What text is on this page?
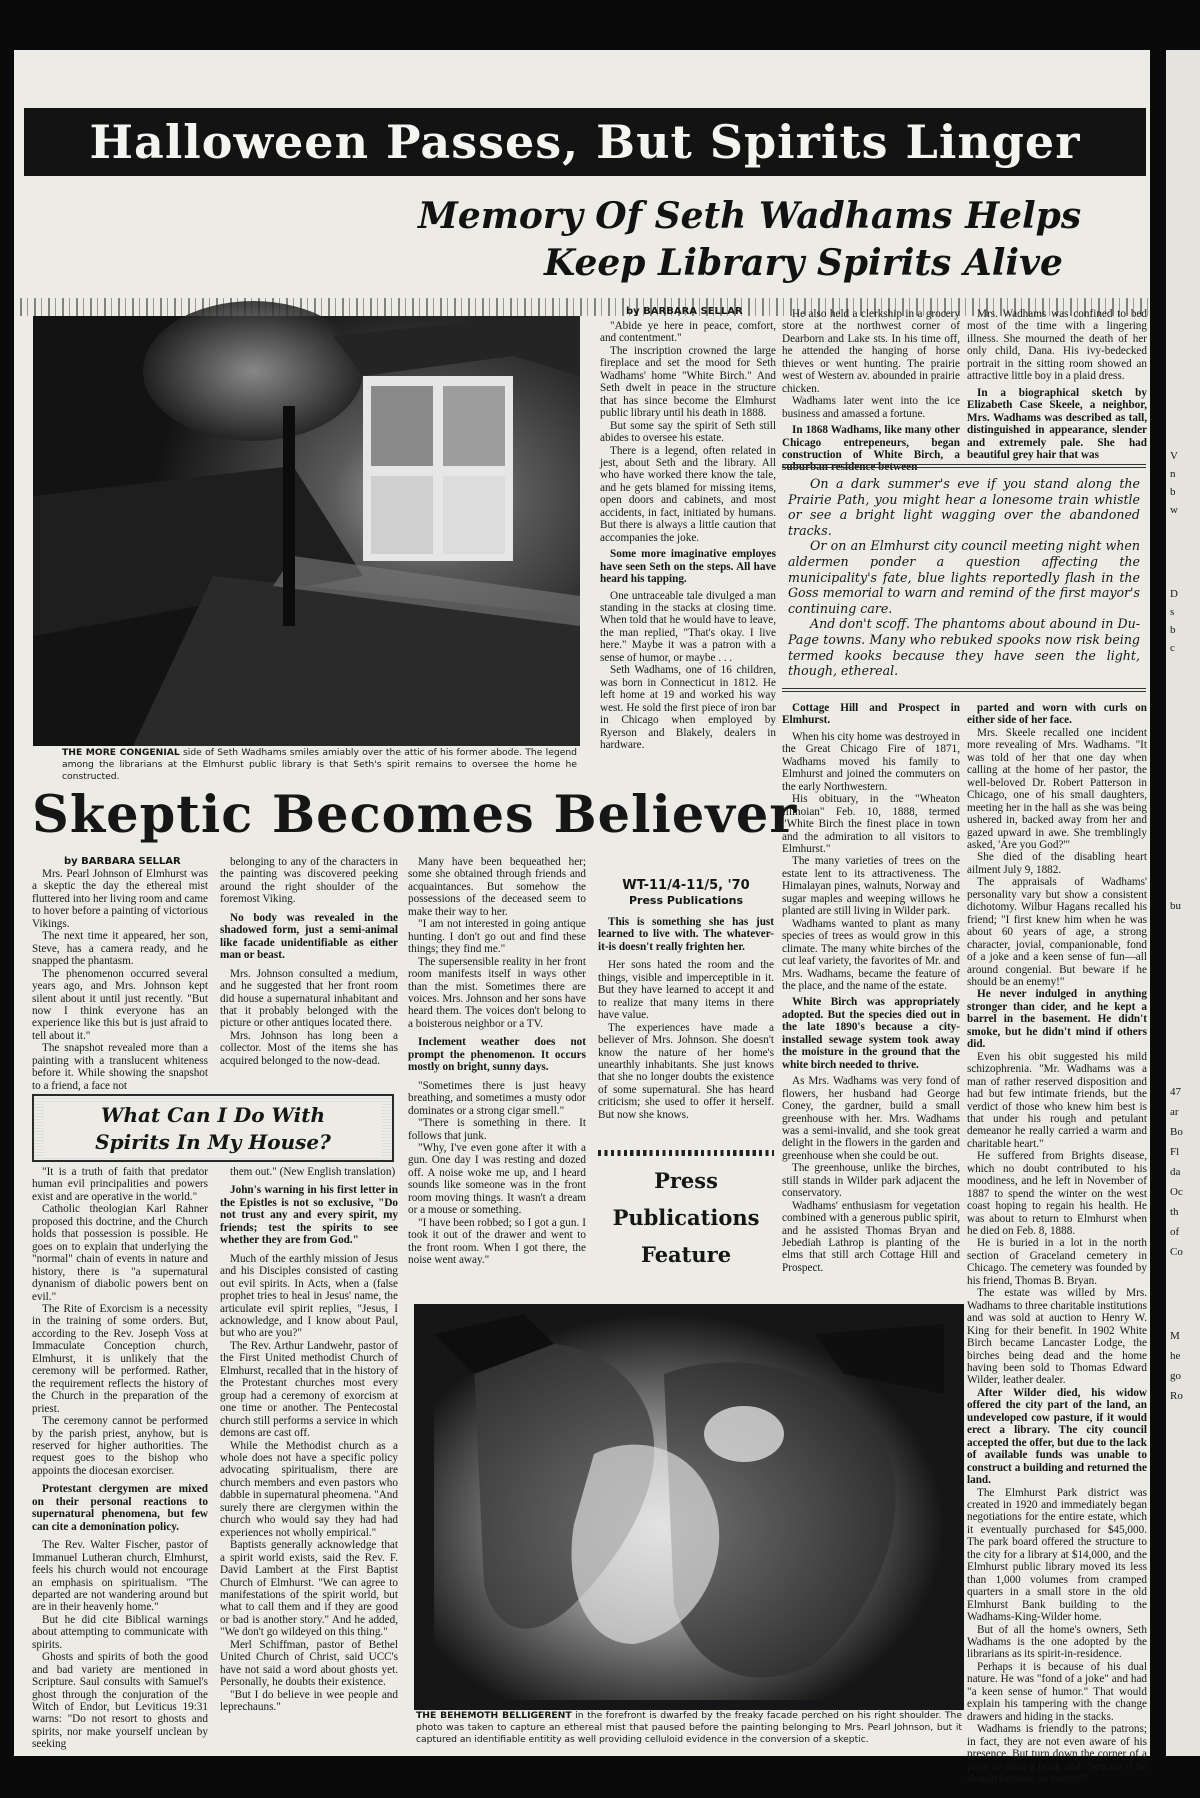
V
n
b
w
D
s
b
c
47
ar
Bo
Fl
da
Oc
th
of
Co
M
he
go
Ro
bu
Halloween Passes, But Spirits Linger
Memory Of Seth Wadhams Helps
Keep Library Spirits Alive
THE MORE CONGENIAL side of Seth Wadhams smiles amiably over the attic of his former abode. The legend among the librarians at the Elmhurst public library is that Seth's spirit remains to oversee the home he constructed.
by BARBARA SELLAR

"Abide ye here in peace, comfort, and contentment."

The inscription crowned the large fireplace and set the mood for Seth Wadhams' home "White Birch." And Seth dwelt in peace in the structure that has since become the Elmhurst public library until his death in 1888.

But some say the spirit of Seth still abides to oversee his estate.

There is a legend, often related in jest, about Seth and the library. All who have worked there know the tale, and he gets blamed for missing items, open doors and cabinets, and most accidents, in fact, initiated by humans. But there is always a little caution that accompanies the joke.

Some more imaginative employes have seen Seth on the steps. All have heard his tapping.

One untraceable tale divulged a man standing in the stacks at closing time. When told that he would have to leave, the man replied, "That's okay. I live here." Maybe it was a patron with a sense of humor, or maybe . . .

Seth Wadhams, one of 16 children, was born in Connecticut in 1812. He left home at 19 and worked his way west. He sold the first piece of iron bar in Chicago when employed by Ryerson and Blakely, dealers in hardware.

He also held a clerkship in a grocery store at the northwest corner of Dearborn and Lake sts. In his time off, he attended the hanging of horse thieves or went hunting. The prairie west of Western av. abounded in prairie chicken.

Wadhams later went into the ice business and amassed a fortune.

In 1868 Wadhams, like many other Chicago entrepeneurs, began construction of White Birch, a suburban residence between

Mrs. Wadhams was confined to bed most of the time with a lingering illness. She mourned the death of her only child, Dana. His ivy-bedecked portrait in the sitting room showed an attractive little boy in a plaid dress.

In a biographical sketch by Elizabeth Case Skeele, a neighbor, Mrs. Wadhams was described as tall, distinguished in appearance, slender and extremely pale. She had beautiful grey hair that was

On a dark summer's eve if you stand along the Prairie Path, you might hear a lonesome train whistle or see a bright light wagging over the abandoned tracks.

Or on an Elmhurst city council meeting night when aldermen ponder a question affecting the municipality's fate, blue lights reportedly flash in the Goss memorial to warn and remind of the first mayor's continuing care.

And don't scoff. The phantoms about abound in Du-Page towns. Many who rebuked spooks now risk being termed kooks because they have seen the light, though, ethereal.

Cottage Hill and Prospect in Elmhurst.

When his city home was destroyed in the Great Chicago Fire of 1871, Wadhams moved his family to Elmhurst and joined the commuters on the early Northwestern.

His obituary, in the "Wheaton Illinoian" Feb. 10, 1888, termed "White Birch the finest place in town and the admiration to all visitors to Elmhurst."

The many varieties of trees on the estate lent to its attractiveness. The Himalayan pines, walnuts, Norway and sugar maples and weeping willows he planted are still living in Wilder park.

Wadhams wanted to plant as many species of trees as would grow in this climate. The many white birches of the cut leaf variety, the favorites of Mr. and Mrs. Wadhams, became the feature of the place, and the name of the estate.

White Birch was appropriately adopted. But the species died out in the late 1890's because a city-installed sewage system took away the moisture in the ground that the white birch needed to thrive.

As Mrs. Wadhams was very fond of flowers, her husband had George Coney, the gardner, build a small greenhouse with her. Mrs. Wadhams was a semi-invalid, and she took great delight in the flowers in the garden and greenhouse when she could be out.

The greenhouse, unlike the birches, still stands in Wilder park adjacent the conservatory.

Wadhams' enthusiasm for vegetation combined with a generous public spirit, and he assisted Thomas Bryan and Jebediah Lathrop is planting of the elms that still arch Cottage Hill and Prospect.

parted and worn with curls on either side of her face.

Mrs. Skeele recalled one incident more revealing of Mrs. Wadhams. "It was told of her that one day when calling at the home of her pastor, the well-beloved Dr. Robert Patterson in Chicago, one of his small daughters, meeting her in the hall as she was being ushered in, backed away from her and gazed upward in awe. She tremblingly asked, 'Are you God?'"

She died of the disabling heart ailment July 9, 1882.

The appraisals of Wadhams' personality vary but show a consistent dichotomy. Wilbur Hagans recalled his friend; "I first knew him when he was about 60 years of age, a strong character, jovial, companionable, fond of a joke and a keen sense of fun—all around congenial. But beware if he should be an enemy!"

He never indulged in anything stronger than cider, and he kept a barrel in the basement. He didn't smoke, but he didn't mind if others did.

Even his obit suggested his mild schizophrenia. "Mr. Wadhams was a man of rather reserved disposition and had but few intimate friends, but the verdict of those who knew him best is that under his rough and petulant demeanor he really carried a warm and charitable heart."

He suffered from Brights disease, which no doubt contributed to his moodiness, and he left in November of 1887 to spend the winter on the west coast hoping to regain his health. He was about to return to Elmhurst when he died on Feb. 8, 1888.

He is buried in a lot in the north section of Graceland cemetery in Chicago. The cemetery was founded by his friend, Thomas B. Bryan.

The estate was willed by Mrs. Wadhams to three charitable institutions and was sold at auction to Henry W. King for their benefit. In 1902 White Birch became Lancaster Lodge, the birches being dead and the home having been sold to Thomas Edward Wilder, leather dealer.

After Wilder died, his widow offered the city part of the land, an undeveloped cow pasture, if it would erect a library. The city council accepted the offer, but due to the lack of available funds was unable to construct a building and returned the land.

The Elmhurst Park district was created in 1920 and immediately began negotiations for the entire estate, which it eventually purchased for $45,000. The park board offered the structure to the city for a library at $14,000, and the Elmhurst public library moved its less than 1,000 volumes from cramped quarters in a small store in the old Elmhurst Bank building to the Wadhams-King-Wilder home.

But of all the home's owners, Seth Wadhams is the one adopted by the librarians as its spirit-in-residence.

Perhaps it is because of his dual nature. He was "fond of a joke" and had "a keen sense of humor." That would explain his tampering with the change drawers and hiding in the stacks.

Wadhams is friendly to the patrons; in fact, they are not even aware of his presence. But turn down the corner of a page or steal a book and "beware if he should become an enemy!"

Skeptic Becomes Believer
by BARBARA SELLAR

Mrs. Pearl Johnson of Elmhurst was a skeptic the day the ethereal mist fluttered into her living room and came to hover before a painting of victorious Vikings.

The next time it appeared, her son, Steve, has a camera ready, and he snapped the phantasm.

The phenomenon occurred several years ago, and Mrs. Johnson kept silent about it until just recently. "But now I think everyone has an experience like this but is just afraid to tell about it."

The snapshot revealed more than a painting with a translucent whiteness before it. While showing the snapshot to a friend, a face not

belonging to any of the characters in the painting was discovered peeking around the right shoulder of the foremost Viking.

No body was revealed in the shadowed form, just a semi-animal like facade unidentifiable as either man or beast.

Mrs. Johnson consulted a medium, and he suggested that her front room did house a supernatural inhabitant and that it probably belonged with the picture or other antiques located there.

Mrs. Johnson has long been a collector. Most of the items she has acquired belonged to the now-dead.

Many have been bequeathed her; some she obtained through friends and acquaintances. But somehow the possessions of the deceased seem to make their way to her.

"I am not interested in going antique hunting. I don't go out and find these things; they find me."

The supersensible reality in her front room manifests itself in ways other than the mist. Sometimes there are voices. Mrs. Johnson and her sons have heard them. The voices don't belong to a boisterous neighbor or a TV.

Inclement weather does not prompt the phenomenon. It occurs mostly on bright, sunny days.

"Sometimes there is just heavy breathing, and sometimes a musty odor dominates or a strong cigar smell."

"There is something in there. It follows that junk.

"Why, I've even gone after it with a gun. One day I was resting and dozed off. A noise woke me up, and I heard sounds like someone was in the front room moving things. It wasn't a dream or a mouse or something.

"I have been robbed; so I got a gun. I took it out of the drawer and went to the front room. When I got there, the noise went away."

WT-11/4-11/5, '70
Press Publications

This is something she has just learned to live with. The whatever-it-is doesn't really frighten her.

Her sons hated the room and the things, visible and imperceptible in it. But they have learned to accept it and to realize that many items in there have value.

The experiences have made a believer of Mrs. Johnson. She doesn't know the nature of her home's unearthly inhabitants. She just knows that she no longer doubts the existence of some supernatural. She has heard criticism; she used to offer it herself. But now she knows.

Press
Publications
Feature
What Can I Do With
Spirits In My House?

"It is a truth of faith that predator human evil principalities and powers exist and are operative in the world."

Catholic theologian Karl Rahner proposed this doctrine, and the Church holds that possession is possible. He goes on to explain that underlying the "normal" chain of events in nature and history, there is "a supernatural dynanism of diabolic powers bent on evil."

The Rite of Exorcism is a necessity in the training of some orders. But, according to the Rev. Joseph Voss at Immaculate Conception church, Elmhurst, it is unlikely that the ceremony will be performed. Rather, the requirement reflects the history of the Church in the preparation of the priest.

The ceremony cannot be performed by the parish priest, anyhow, but is reserved for higher authorities. The request goes to the bishop who appoints the diocesan exorciser.

Protestant clergymen are mixed on their personal reactions to supernatural phenomena, but few can cite a demonination policy.

The Rev. Walter Fischer, pastor of Immanuel Lutheran church, Elmhurst, feels his church would not encourage an emphasis on spiritualism. "The departed are not wandering around but are in their heavenly home."

But he did cite Biblical warnings about attempting to communicate with spirits.

Ghosts and spirits of both the good and bad variety are mentioned in Scripture. Saul consults with Samuel's ghost through the conjuration of the Witch of Endor, but Leviticus 19:31 warns: "Do not resort to ghosts and spirits, nor make yourself unclean by seeking

them out." (New English translation)

John's warning in his first letter in the Epistles is not so exclusive, "Do not trust any and every spirit, my friends; test the spirits to see whether they are from God."

Much of the earthly mission of Jesus and his Disciples consisted of casting out evil spirits. In Acts, when a (false prophet tries to heal in Jesus' name, the articulate evil spirit replies, "Jesus, I acknowledge, and I know about Paul, but who are you?"

The Rev. Arthur Landwehr, pastor of the First United methodist Church of Elmhurst, recalled that in the history of the Protestant churches most every group had a ceremony of exorcism at one time or another. The Pentecostal church still performs a service in which demons are cast off.

While the Methodist church as a whole does not have a specific policy advocating spiritualism, there are church members and even pastors who dabble in supernatural pheomena. "And surely there are clergymen within the church who would say they had had experiences not wholly empirical."

Baptists generally acknowledge that a spirit world exists, said the Rev. F. David Lambert at the First Baptist Church of Elmhurst. "We can agree to manifestations of the spirit world, but what to call them and if they are good or bad is another story." And he added, "We don't go wildeyed on this thing."

Merl Schiffman, pastor of Bethel United Church of Christ, said UCC's have not said a word about ghosts yet. Personally, he doubts their existence.

"But I do believe in wee people and leprechauns."

THE BEHEMOTH BELLIGERENT in the forefront is dwarfed by the freaky facade perched on his right shoulder. The photo was taken to capture an ethereal mist that paused before the painting belonging to Mrs. Pearl Johnson, but it captured an identifiable entitity as well providing celluloid evidence in the conversion of a skeptic.
